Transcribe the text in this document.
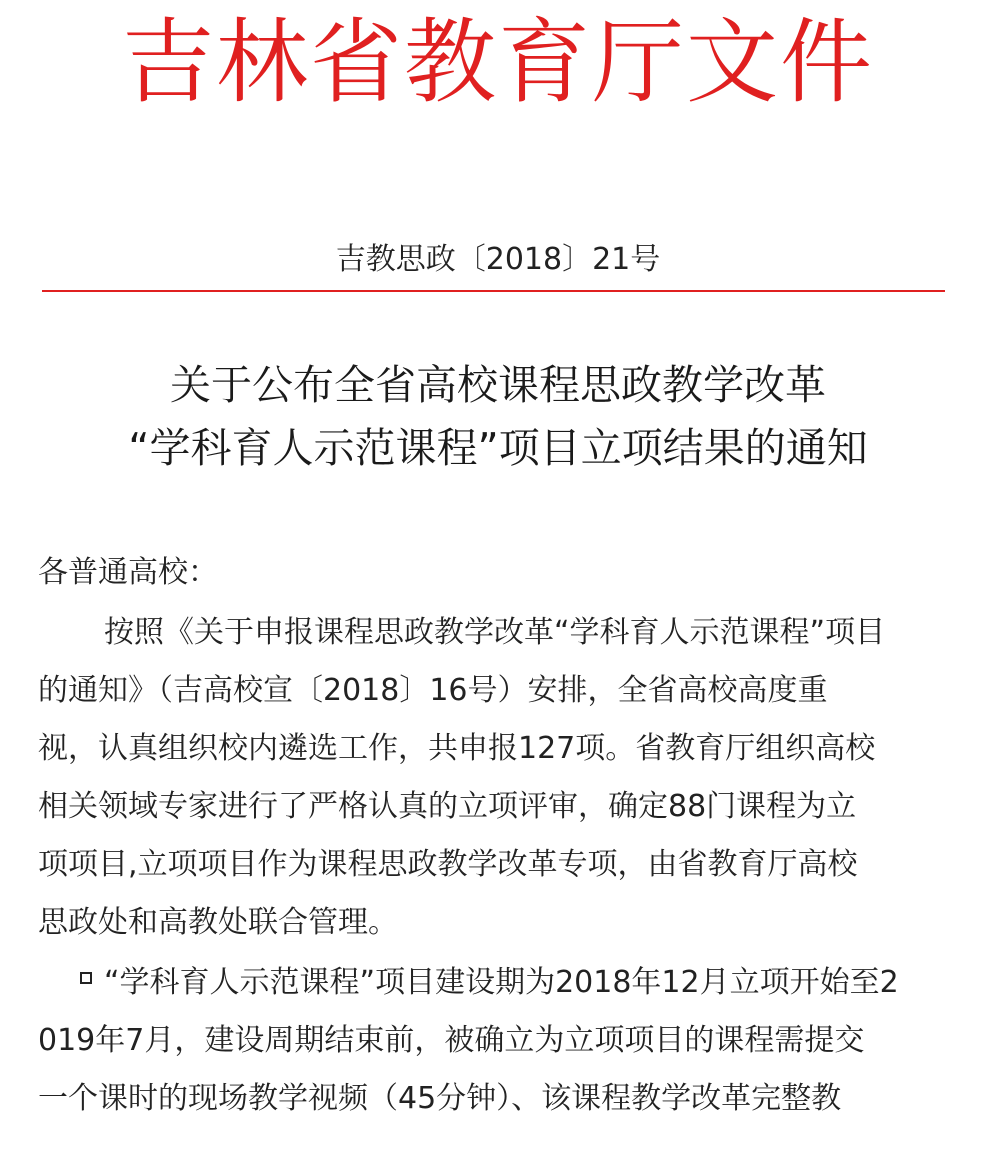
吉林省教育厅文件
吉教思政〔2018〕21号
关于公布全省高校课程思政教学改革
“学科育人示范课程”项目立项结果的通知
各普通高校：
按照《关于申报课程思政教学改革“学科育人示范课程”项目
的通知》（吉高校宣〔2018〕16号）安排，全省高校高度重
视，认真组织校内遴选工作，共申报127项。省教育厅组织高校
相关领域专家进行了严格认真的立项评审，确定88门课程为立
项项目,立项项目作为课程思政教学改革专项，由省教育厅高校
思政处和高教处联合管理。
“学科育人示范课程”项目建设期为2018年12月立项开始至2
019年7月，建设周期结束前，被确立为立项项目的课程需提交
一个课时的现场教学视频（45分钟）、该课程教学改革完整教
